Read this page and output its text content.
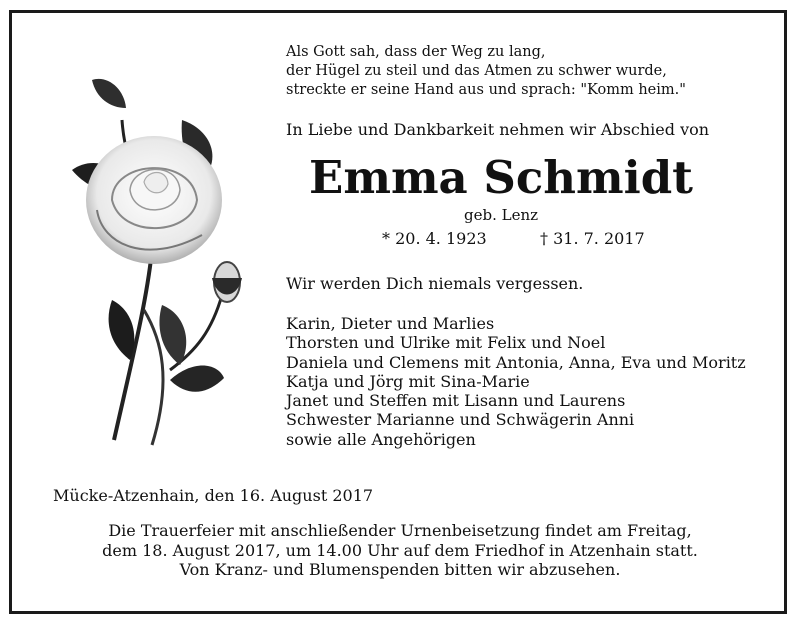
Als Gott sah, dass der Weg zu lang,
der Hügel zu steil und das Atmen zu schwer wurde,
streckte er seine Hand aus und sprach: "Komm heim."
In Liebe und Dankbarkeit nehmen wir Abschied von
Emma Schmidt
geb. Lenz
* 20. 4. 1923	† 31. 7. 2017
Wir werden Dich niemals vergessen.
Karin, Dieter und Marlies
Thorsten und Ulrike mit Felix und Noel
Daniela und Clemens mit Antonia, Anna, Eva und Moritz
Katja und Jörg mit Sina-Marie
Janet und Steffen mit Lisann und Laurens
Schwester Marianne und Schwägerin Anni
sowie alle Angehörigen
Mücke-Atzenhain, den 16. August 2017
Die Trauerfeier mit anschließender Urnenbeisetzung findet am Freitag,
dem 18. August 2017, um 14.00 Uhr auf dem Friedhof in Atzenhain statt.
Von Kranz- und Blumenspenden bitten wir abzusehen.
